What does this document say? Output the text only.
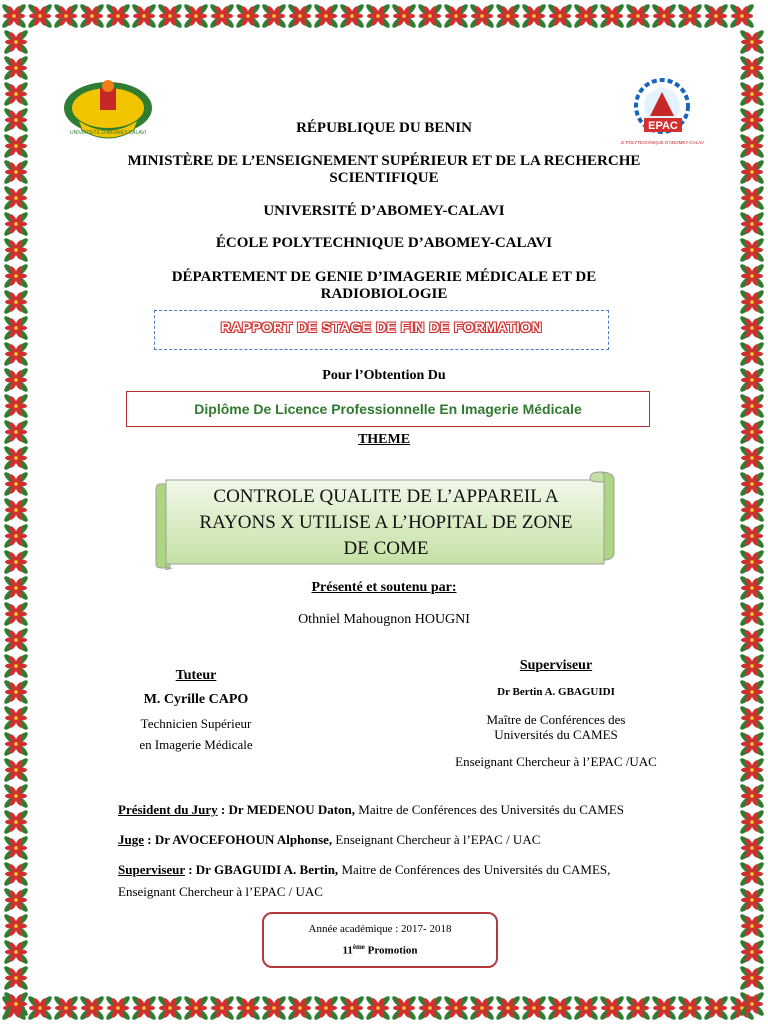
UNIVERSITE D'ABOMEY-CALAVI
EPAC
LE POLYTECHNIQUE D'ABOMEY-CALAVI
RÉPUBLIQUE DU BENIN
MINISTÈRE DE L’ENSEIGNEMENT SUPÉRIEUR ET DE LA RECHERCHE
SCIENTIFIQUE
UNIVERSITÉ D’ABOMEY-CALAVI
ÉCOLE POLYTECHNIQUE D’ABOMEY-CALAVI
DÉPARTEMENT DE GENIE D’IMAGERIE MÉDICALE ET DE
RADIOBIOLOGIE
RAPPORT DE STAGE DE FIN DE FORMATION
Pour l’Obtention Du
Diplôme De Licence Professionnelle En Imagerie Médicale
THEME
CONTROLE QUALITE DE L’APPAREIL A
RAYONS X UTILISE A L’HOPITAL DE ZONE
DE COME
Présenté et soutenu par:
Othniel Mahougnon HOUGNI
Tuteur
M. Cyrille CAPO
Technicien Supérieur
en Imagerie Médicale
Superviseur
Dr Bertin A. GBAGUIDI
Maître de Conférences des
Universités du CAMES
Enseignant Chercheur à l’EPAC /UAC
Président du Jury : Dr MEDENOU Daton, Maitre de Conférences des Universités du CAMES
Juge : Dr AVOCEFOHOUN Alphonse, Enseignant Chercheur à l’EPAC / UAC
Superviseur : Dr GBAGUIDI A. Bertin, Maitre de Conférences des Universités du CAMES,
Enseignant Chercheur à l’EPAC / UAC
Année académique : 2017- 2018
11ème Promotion
